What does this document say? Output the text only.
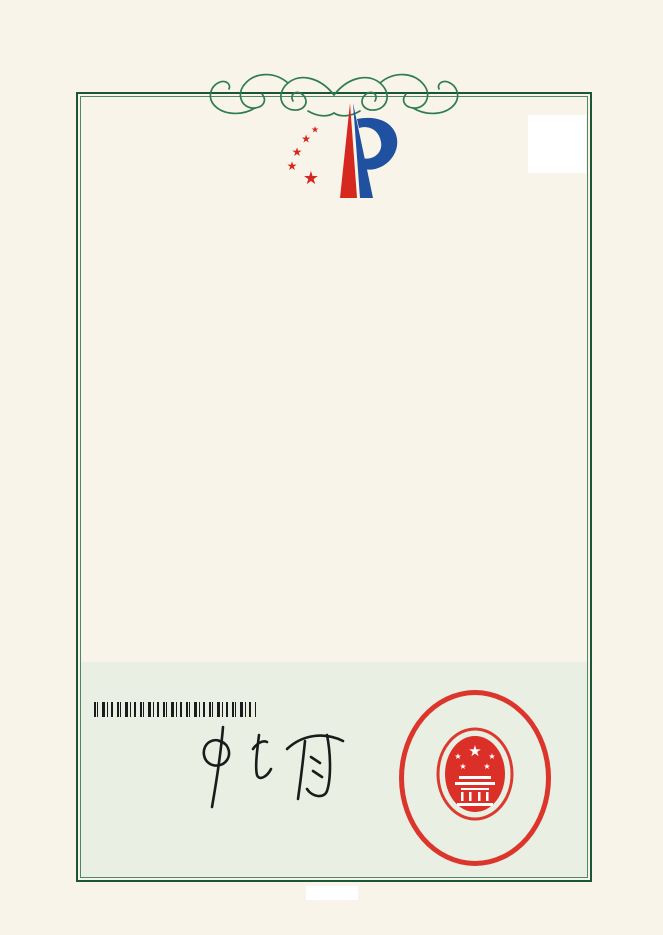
★
★
★
★
★

★
★	★
★ ★
